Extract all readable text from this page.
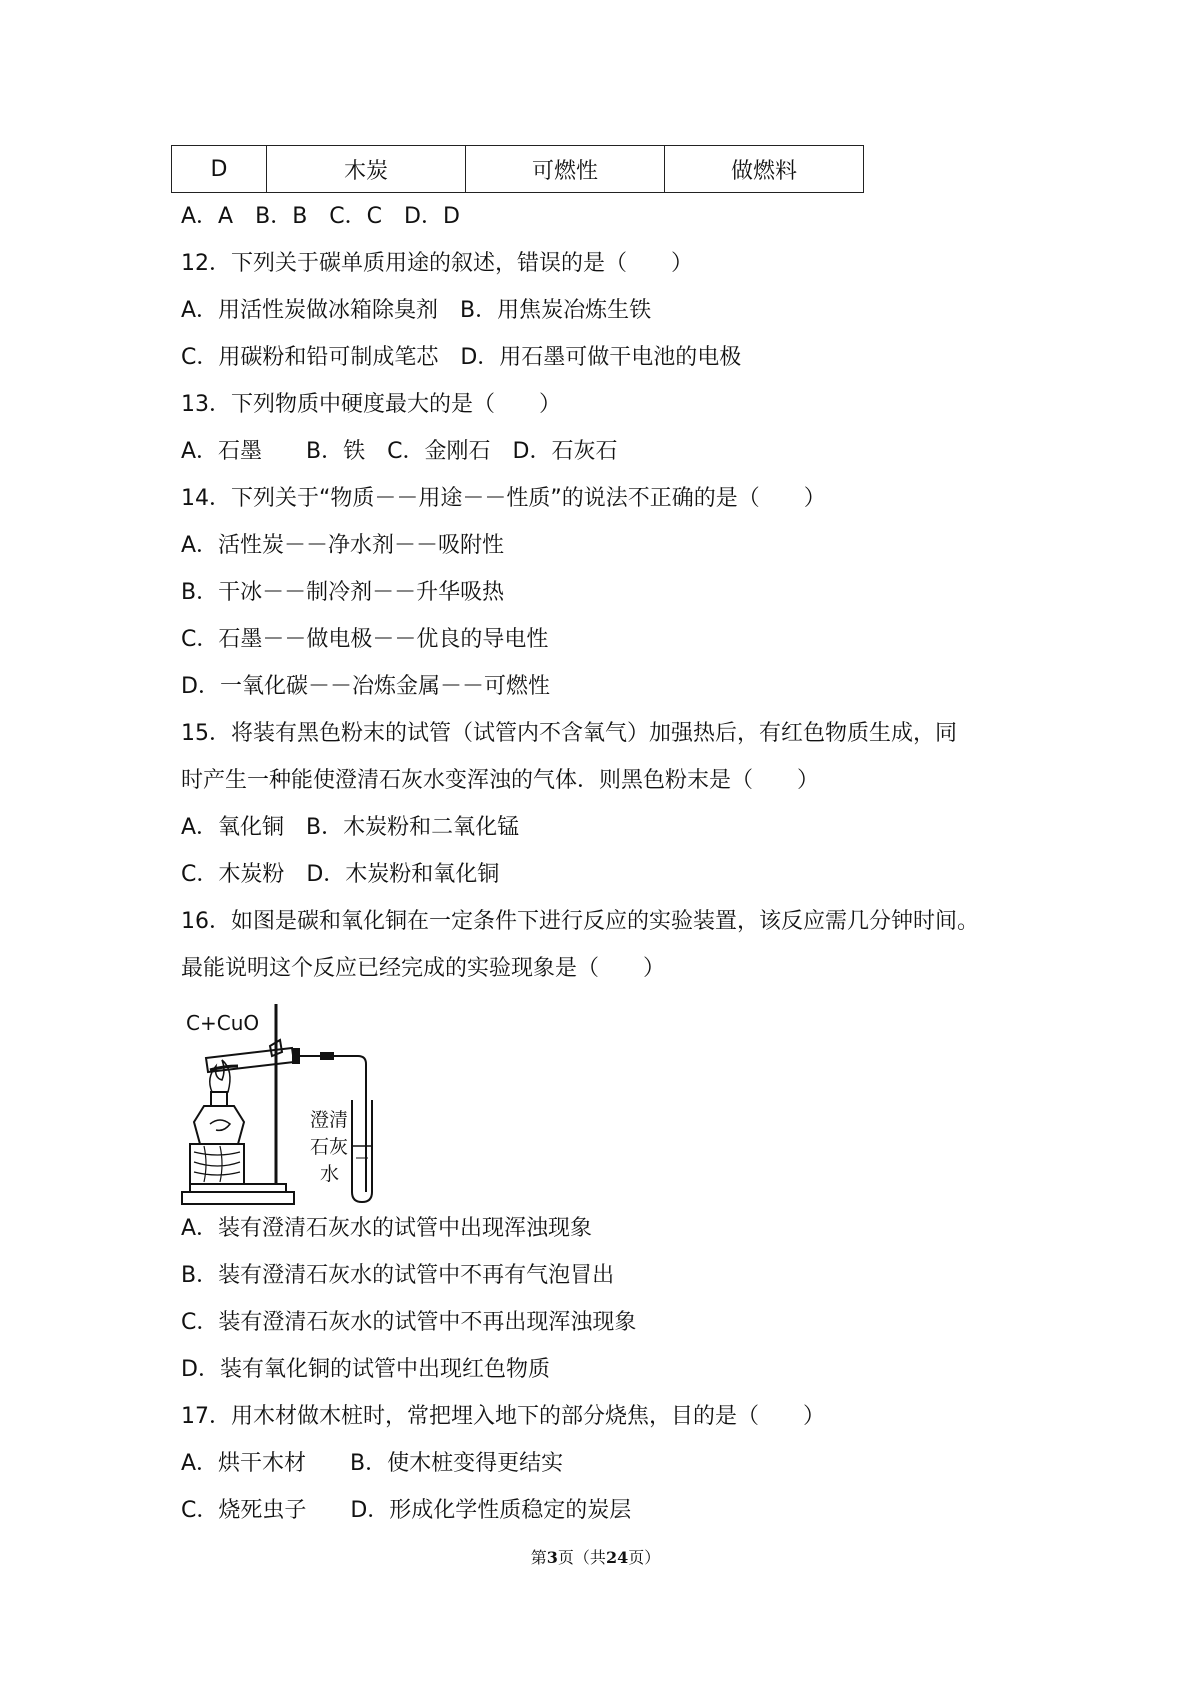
D	木炭	可燃性	做燃料
A．A　B．B　C．C　D．D
12．下列关于碳单质用途的叙述，错误的是（　　）
A．用活性炭做冰箱除臭剂　B．用焦炭冶炼生铁
C．用碳粉和铅可制成笔芯　D．用石墨可做干电池的电极
13．下列物质中硬度最大的是（　　）
A．石墨　　B．铁　C．金刚石　D．石灰石
14．下列关于“物质－－用途－－性质”的说法不正确的是（　　）
A．活性炭－－净水剂－－吸附性
B．干冰－－制冷剂－－升华吸热
C．石墨－－做电极－－优良的导电性
D．一氧化碳－－冶炼金属－－可燃性
15．将装有黑色粉末的试管（试管内不含氧气）加强热后，有红色物质生成，同
时产生一种能使澄清石灰水变浑浊的气体．则黑色粉末是（　　）
A．氧化铜　B．木炭粉和二氧化锰
C．木炭粉　D．木炭粉和氧化铜
16．如图是碳和氧化铜在一定条件下进行反应的实验装置，该反应需几分钟时间。
最能说明这个反应已经完成的实验现象是（　　）
C+CuO
澄清
石灰
水
A．装有澄清石灰水的试管中出现浑浊现象
B．装有澄清石灰水的试管中不再有气泡冒出
C．装有澄清石灰水的试管中不再出现浑浊现象
D．装有氧化铜的试管中出现红色物质
17．用木材做木桩时，常把埋入地下的部分烧焦，目的是（　　）
A．烘干木材　　B．使木桩变得更结实
C．烧死虫子　　D．形成化学性质稳定的炭层
第3页（共24页）
